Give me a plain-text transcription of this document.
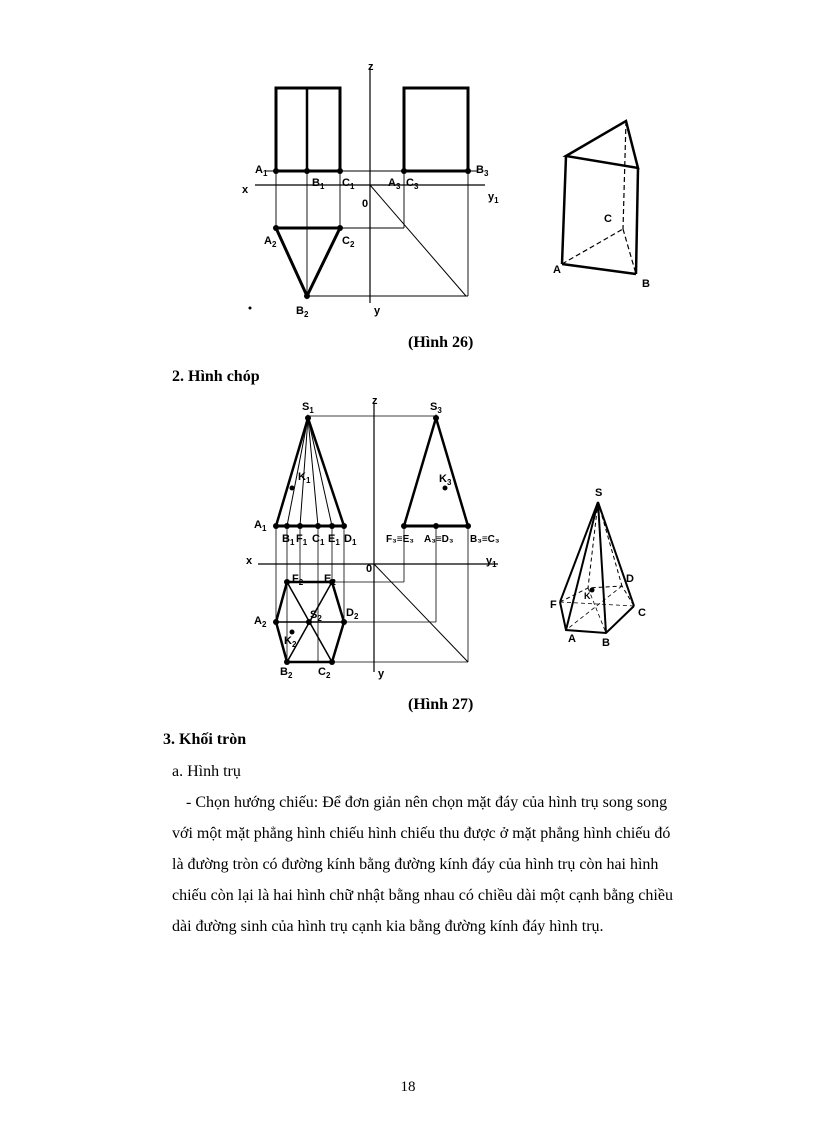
z
x
$y_1$
0
y
$A_1$
$B_1$ $C_1$	$A_3$ $C_3$
$B_3$
$A_2$	$C_2$
$B_2$
A
B
C
(Hình 26)
2. Hình chóp
z
x	$y_1$
0
y
$S_1$	$S_3$
$K_1$	$K_3$
$A_1$
$B_1$ $F_1$ $C_1$ $E_1$ $D_1$	F₃≡E₃ A₃≡D₃ B₃≡C₃
$F_2$ $E_2$
$A_2$
$S_2$ $D_2$
$K_2$
$B_2$ $C_2$
S
D
F
C
A B
K
(Hình 27)
3. Khối tròn
a. Hình trụ
- Chọn hướng chiếu: Để đơn giản nên chọn mặt đáy của hình trụ song song
với một mặt phẳng hình chiếu hình chiếu thu được ở mặt phẳng hình chiếu đó
là đường tròn có đường kính bằng đường kính đáy của hình trụ còn hai hình
chiếu còn lại là hai hình chữ nhật bằng nhau có chiều dài một cạnh bằng chiều
dài đường sinh của hình trụ cạnh kia bằng đường kính đáy hình trụ.
18
